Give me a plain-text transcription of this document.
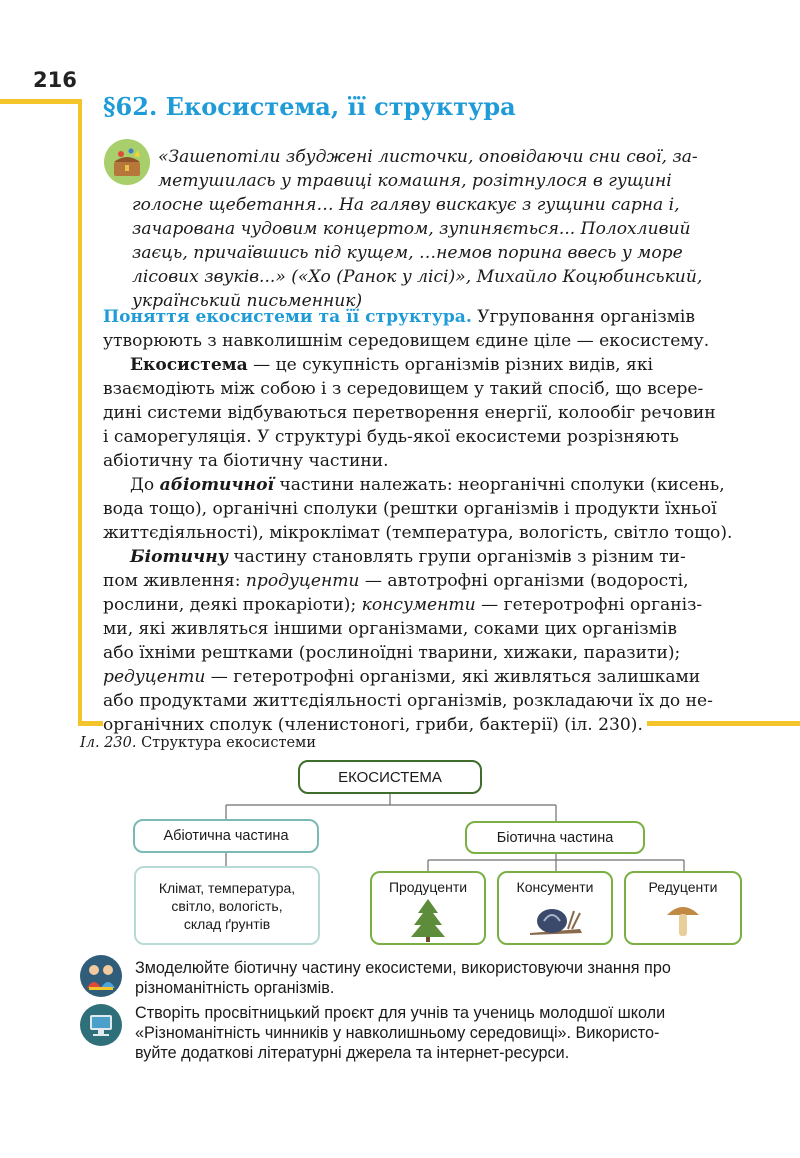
216
§62. Екосистема, її структура
«Зашепотіли збуджені листочки, оповідаючи сни свої, за-
метушилась у травиці комашня, розітнулося в гущині
голосне щебетання… На галяву вискакує з гущини сарна і,
зачарована чудовим концертом, зупиняється... Полохливий
заєць, причаївшись під кущем, …немов порина ввесь у море
лісових звуків...» («Хо (Ранок у лісі)», Михайло Коцюбинський,
український письменник)
Поняття екосистеми та її структура. Угруповання організмів
утворюють з навколишнім середовищем єдине ціле — екосистему.
Екосистема — це сукупність організмів різних видів, які
взаємодіють між собою і з середовищем у такий спосіб, що всере-
дині системи відбуваються перетворення енергії, колообіг речовин
і саморегуляція. У структурі будь-якої екосистеми розрізняють
абіотичну та біотичну частини.
До абіотичної частини належать: неорганічні сполуки (кисень,
вода тощо), органічні сполуки (рештки організмів і продукти їхньої
життєдіяльності), мікроклімат (температура, вологість, світло тощо).
Біотичну частину становлять групи організмів з різним ти-
пом живлення: продуценти — автотрофні організми (водорості,
рослини, деякі прокаріоти); консументи — гетеротрофні організ-
ми, які живляться іншими організмами, соками цих організмів
або їхніми рештками (рослиноїдні тварини, хижаки, паразити);
редуценти — гетеротрофні організми, які живляться залишками
або продуктами життєдіяльності організмів, розкладаючи їх до не-
органічних сполук (членистоногі, гриби, бактерії) (іл. 230).
Іл. 230. Структура екосистеми
ЕКОСИСТЕМА
Абіотична частина
Клімат, температура,
світло, вологість,
склад ґрунтів
Біотична частина
Продуценти	Консументи	Редуценти
Змоделюйте біотичну частину екосистеми, використовуючи знання про
різноманітність організмів.
Створіть просвітницький проєкт для учнів та учениць молодшої школи
«Різноманітність чинників у навколишньому середовищі». Використо-
вуйте додаткові літературні джерела та інтернет-ресурси.
